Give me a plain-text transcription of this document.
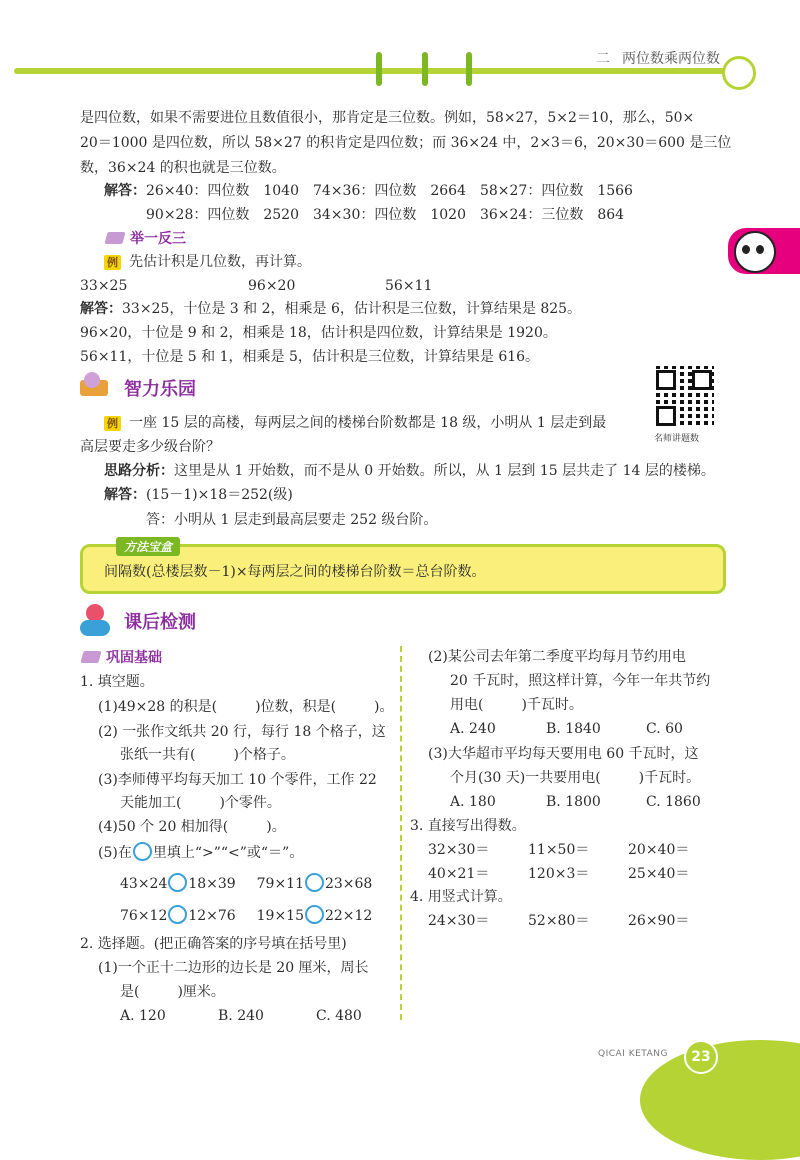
二 两位数乘两位数
是四位数，如果不需要进位且数值很小，那肯定是三位数。例如，58×27，5×2＝10，那么，50×
20＝1000 是四位数，所以 58×27 的积肯定是四位数；而 36×24 中，2×3＝6，20×30＝600 是三位
数，36×24 的积也就是三位数。
解答：26×40：四位数　1040　74×36：四位数　2664　58×27：四位数　1566
90×28：四位数　2520　34×30：四位数　1020　36×24：三位数　864
举一反三
例 先估计积是几位数，再计算。
33×25	96×20	56×11
解答：33×25，十位是 3 和 2，相乘是 6，估计积是三位数，计算结果是 825。
96×20，十位是 9 和 2，相乘是 18，估计积是四位数，计算结果是 1920。
56×11，十位是 5 和 1，相乘是 5，估计积是三位数，计算结果是 616。
智力乐园
名师讲题数
例 一座 15 层的高楼，每两层之间的楼梯台阶数都是 18 级，小明从 1 层走到最
高层要走多少级台阶？
思路分析：这里是从 1 开始数，而不是从 0 开始数。所以，从 1 层到 15 层共走了 14 层的楼梯。
解答：(15－1)×18＝252(级)
答：小明从 1 层走到最高层要走 252 级台阶。
方法宝盒
间隔数(总楼层数－1)×每两层之间的楼梯台阶数＝总台阶数。
课后检测
巩固基础
1. 填空题。
(1)49×28 的积是(	)位数，积是(	)。
(2) 一张作文纸共 20 行，每行 18 个格子，这
张纸一共有(	)个格子。
(3)李师傅平均每天加工 10 个零件，工作 22
天能加工(	)个零件。
(4)50 个 20 相加得(	)。
(5)在 里填上“>”“<”或“＝”。
43×24 18×39 79×11 23×68
76×12 12×76 19×15 22×12
2. 选择题。(把正确答案的序号填在括号里)
(1)一个正十二边形的边长是 20 厘米，周长
是(	)厘米。
A. 120	B. 240	C. 480
(2)某公司去年第二季度平均每月节约用电
20 千瓦时，照这样计算，今年一年共节约
用电(	)千瓦时。
A. 240	B. 1840	C. 60
(3)大华超市平均每天要用电 60 千瓦时，这
个月(30 天)一共要用电(	)千瓦时。
A. 180	B. 1800	C. 1860
3. 直接写出得数。
32×30＝	11×50＝	20×40＝
40×21＝	120×3＝	25×40＝
4. 用竖式计算。
24×30＝	52×80＝	26×90＝
QICAI KETANG	23
